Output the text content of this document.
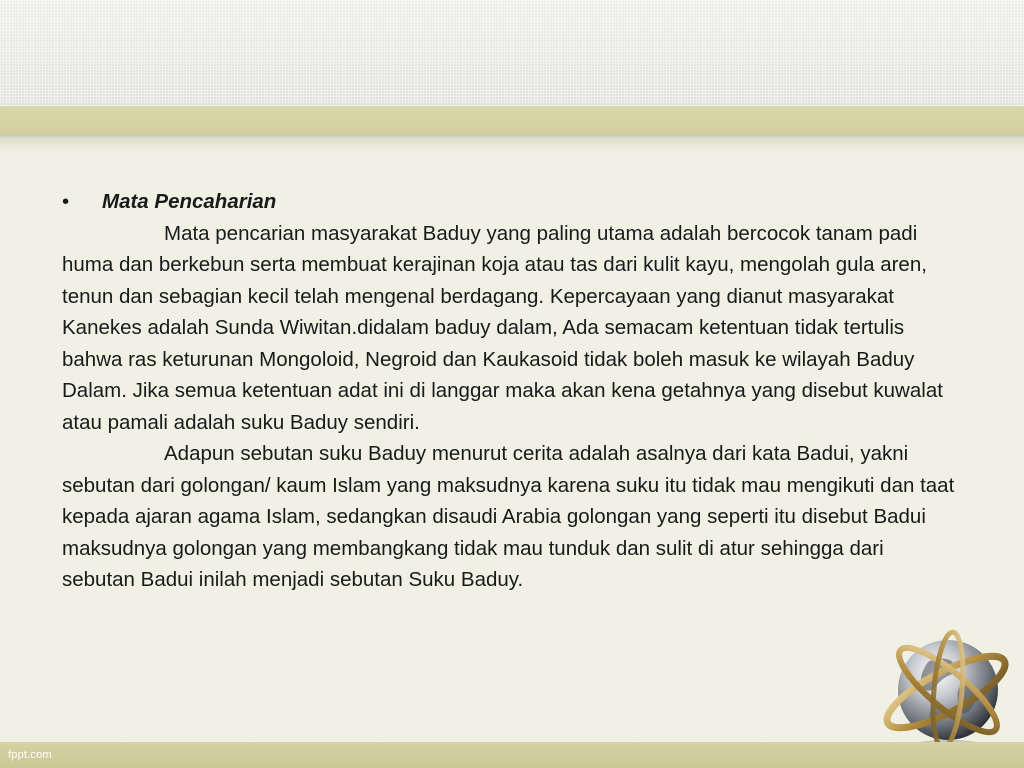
• Mata Pencaharian

Mata pencarian masyarakat Baduy yang paling utama adalah bercocok tanam padi huma dan berkebun serta membuat kerajinan koja atau tas dari kulit kayu, mengolah gula aren, tenun dan sebagian kecil telah mengenal berdagang. Kepercayaan yang dianut masyarakat Kanekes adalah Sunda Wiwitan.didalam baduy dalam, Ada semacam ketentuan tidak tertulis bahwa ras keturunan Mongoloid, Negroid dan Kaukasoid tidak boleh masuk ke wilayah Baduy Dalam. Jika semua ketentuan adat ini di langgar maka akan kena getahnya yang disebut kuwalat atau pamali adalah suku Baduy sendiri.

Adapun sebutan suku Baduy menurut cerita adalah asalnya dari kata Badui, yakni sebutan dari golongan/ kaum Islam yang maksudnya karena suku itu tidak mau mengikuti dan taat kepada ajaran agama Islam, sedangkan disaudi Arabia golongan yang seperti itu disebut Badui maksudnya golongan yang membangkang tidak mau tunduk dan sulit di atur sehingga dari sebutan Badui inilah menjadi sebutan Suku Baduy.

fppt.com
